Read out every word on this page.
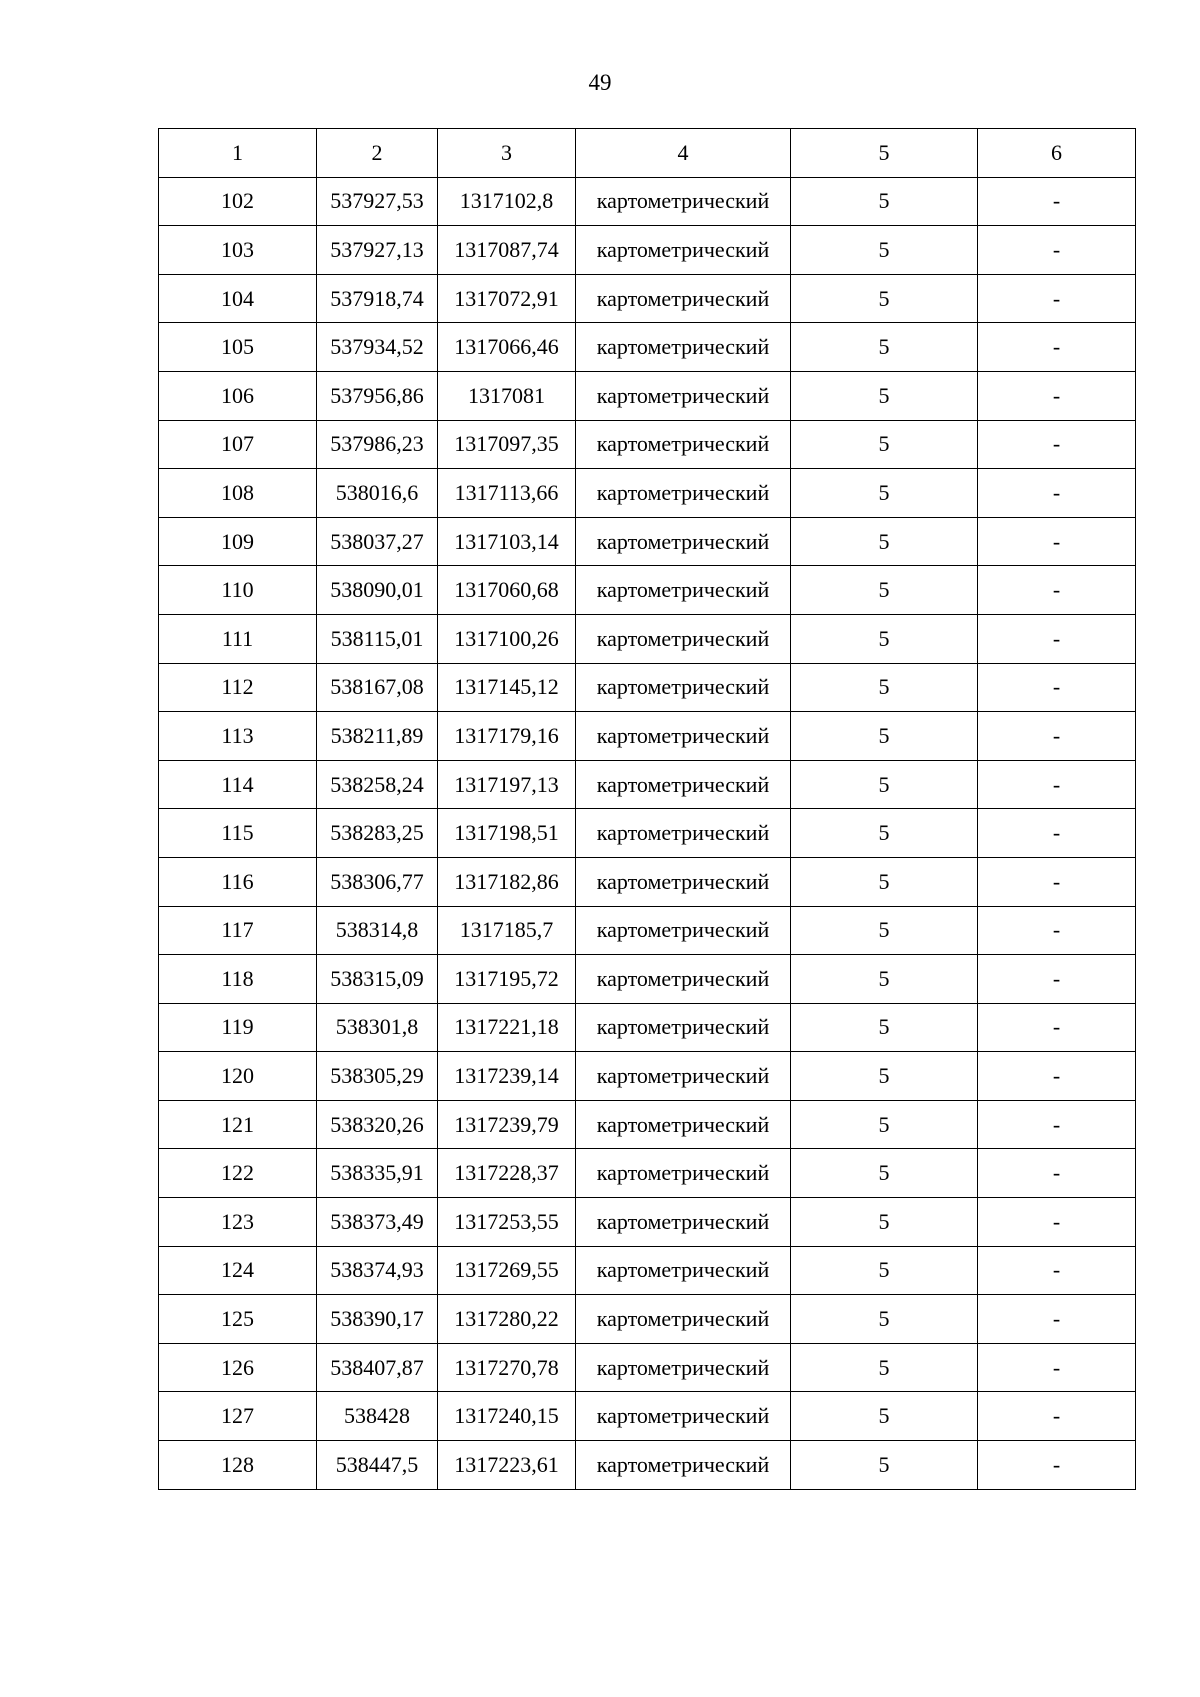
49
1	2	3	4	5	6
102	537927,53	1317102,8	картометрический	5	-
103	537927,13	1317087,74	картометрический	5	-
104	537918,74	1317072,91	картометрический	5	-
105	537934,52	1317066,46	картометрический	5	-
106	537956,86	1317081	картометрический	5	-
107	537986,23	1317097,35	картометрический	5	-
108	538016,6	1317113,66	картометрический	5	-
109	538037,27	1317103,14	картометрический	5	-
110	538090,01	1317060,68	картометрический	5	-
111	538115,01	1317100,26	картометрический	5	-
112	538167,08	1317145,12	картометрический	5	-
113	538211,89	1317179,16	картометрический	5	-
114	538258,24	1317197,13	картометрический	5	-
115	538283,25	1317198,51	картометрический	5	-
116	538306,77	1317182,86	картометрический	5	-
117	538314,8	1317185,7	картометрический	5	-
118	538315,09	1317195,72	картометрический	5	-
119	538301,8	1317221,18	картометрический	5	-
120	538305,29	1317239,14	картометрический	5	-
121	538320,26	1317239,79	картометрический	5	-
122	538335,91	1317228,37	картометрический	5	-
123	538373,49	1317253,55	картометрический	5	-
124	538374,93	1317269,55	картометрический	5	-
125	538390,17	1317280,22	картометрический	5	-
126	538407,87	1317270,78	картометрический	5	-
127	538428	1317240,15	картометрический	5	-
128	538447,5	1317223,61	картометрический	5	-
